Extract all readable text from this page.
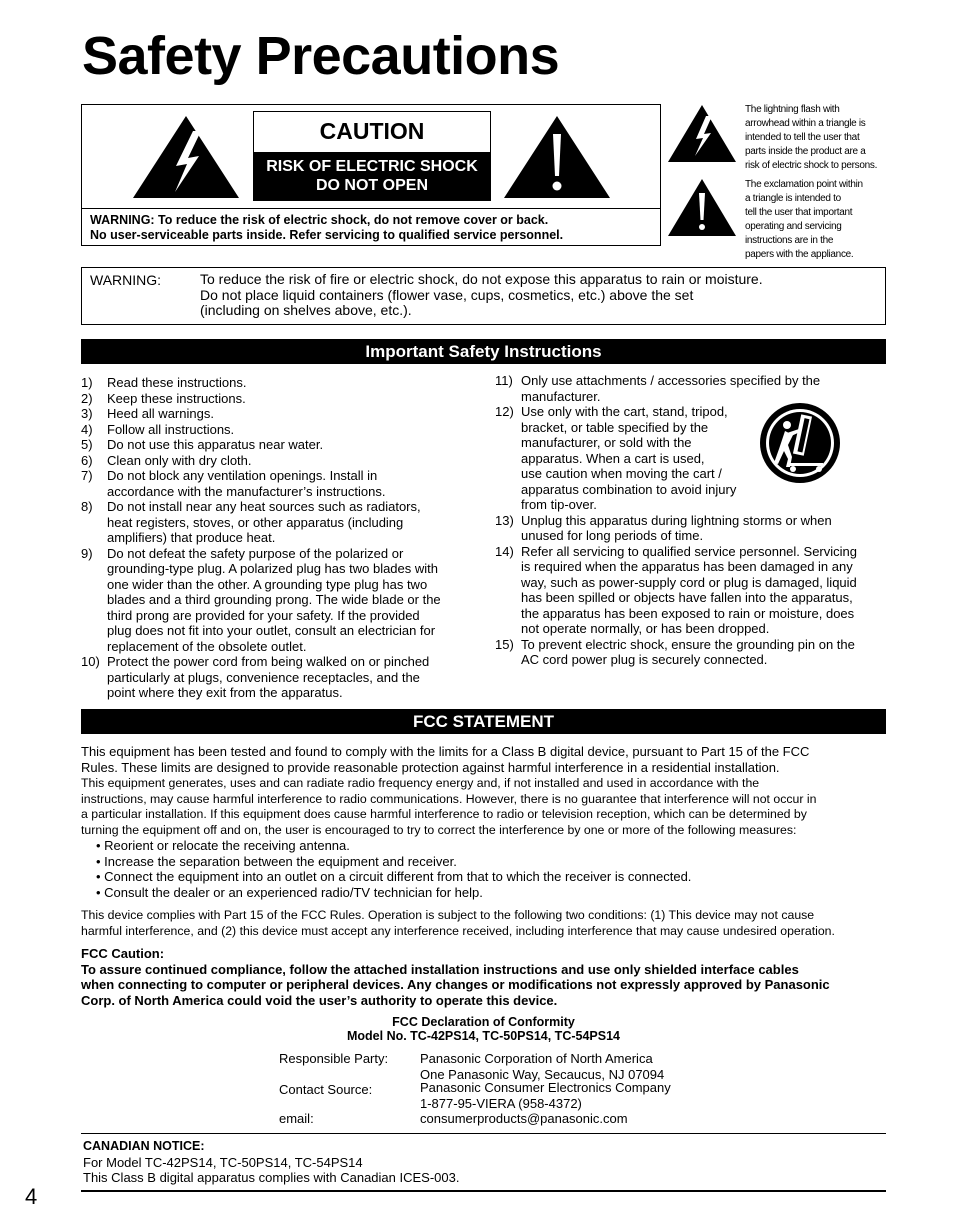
Safety Precautions
CAUTION
RISK OF ELECTRIC SHOCK
DO NOT OPEN
WARNING: To reduce the risk of electric shock, do not remove cover or back.
No user-serviceable parts inside. Refer servicing to qualified service personnel.
The lightning flash with
arrowhead within a triangle is
intended to tell the user that
parts inside the product are a
risk of electric shock to persons.
The exclamation point within
a triangle is intended to
tell the user that important
operating and servicing
instructions are in the
papers with the appliance.
WARNING:	To reduce the risk of fire or electric shock, do not expose this apparatus to rain or moisture.
Do not place liquid containers (flower vase, cups, cosmetics, etc.) above the set
(including on shelves above, etc.).
Important Safety Instructions
1) Read these instructions.
2) Keep these instructions.
3) Heed all warnings.
4) Follow all instructions.
5) Do not use this apparatus near water.
6) Clean only with dry cloth.
7) Do not block any ventilation openings. Install in
accordance with the manufacturer’s instructions.
8) Do not install near any heat sources such as radiators,
heat registers, stoves, or other apparatus (including
amplifiers) that produce heat.
9) Do not defeat the safety purpose of the polarized or
grounding-type plug. A polarized plug has two blades with
one wider than the other. A grounding type plug has two
blades and a third grounding prong. The wide blade or the
third prong are provided for your safety. If the provided
plug does not fit into your outlet, consult an electrician for
replacement of the obsolete outlet.
10) Protect the power cord from being walked on or pinched
particularly at plugs, convenience receptacles, and the
point where they exit from the apparatus.
11) Only use attachments / accessories specified by the
manufacturer.
12) Use only with the cart, stand, tripod,
bracket, or table specified by the
manufacturer, or sold with the
apparatus. When a cart is used,
use caution when moving the cart /
apparatus combination to avoid injury
from tip-over.
13) Unplug this apparatus during lightning storms or when
unused for long periods of time.
14) Refer all servicing to qualified service personnel. Servicing
is required when the apparatus has been damaged in any
way, such as power-supply cord or plug is damaged, liquid
has been spilled or objects have fallen into the apparatus,
the apparatus has been exposed to rain or moisture, does
not operate normally, or has been dropped.
15) To prevent electric shock, ensure the grounding pin on the
AC cord power plug is securely connected.
FCC STATEMENT
This equipment has been tested and found to comply with the limits for a Class B digital device, pursuant to Part 15 of the FCC
Rules. These limits are designed to provide reasonable protection against harmful interference in a residential installation.
This equipment generates, uses and can radiate radio frequency energy and, if not installed and used in accordance with the
instructions, may cause harmful interference to radio communications. However, there is no guarantee that interference will not occur in
a particular installation. If this equipment does cause harmful interference to radio or television reception, which can be determined by
turning the equipment off and on, the user is encouraged to try to correct the interference by one or more of the following measures:
• Reorient or relocate the receiving antenna.
• Increase the separation between the equipment and receiver.
• Connect the equipment into an outlet on a circuit different from that to which the receiver is connected.
• Consult the dealer or an experienced radio/TV technician for help.
This device complies with Part 15 of the FCC Rules. Operation is subject to the following two conditions: (1) This device may not cause
harmful interference, and (2) this device must accept any interference received, including interference that may cause undesired operation.
FCC Caution:
To assure continued compliance, follow the attached installation instructions and use only shielded interface cables
when connecting to computer or peripheral devices. Any changes or modifications not expressly approved by Panasonic
Corp. of North America could void the user’s authority to operate this device.
FCC Declaration of Conformity
Model No. TC-42PS14, TC-50PS14, TC-54PS14
Responsible Party:	Panasonic Corporation of North America
One Panasonic Way, Secaucus, NJ 07094

Contact Source:	Panasonic Consumer Electronics Company
1-877-95-VIERA (958-4372)

email:	consumerproducts@panasonic.com
CANADIAN NOTICE:
For Model TC-42PS14, TC-50PS14, TC-54PS14
This Class B digital apparatus complies with Canadian ICES-003.
4
